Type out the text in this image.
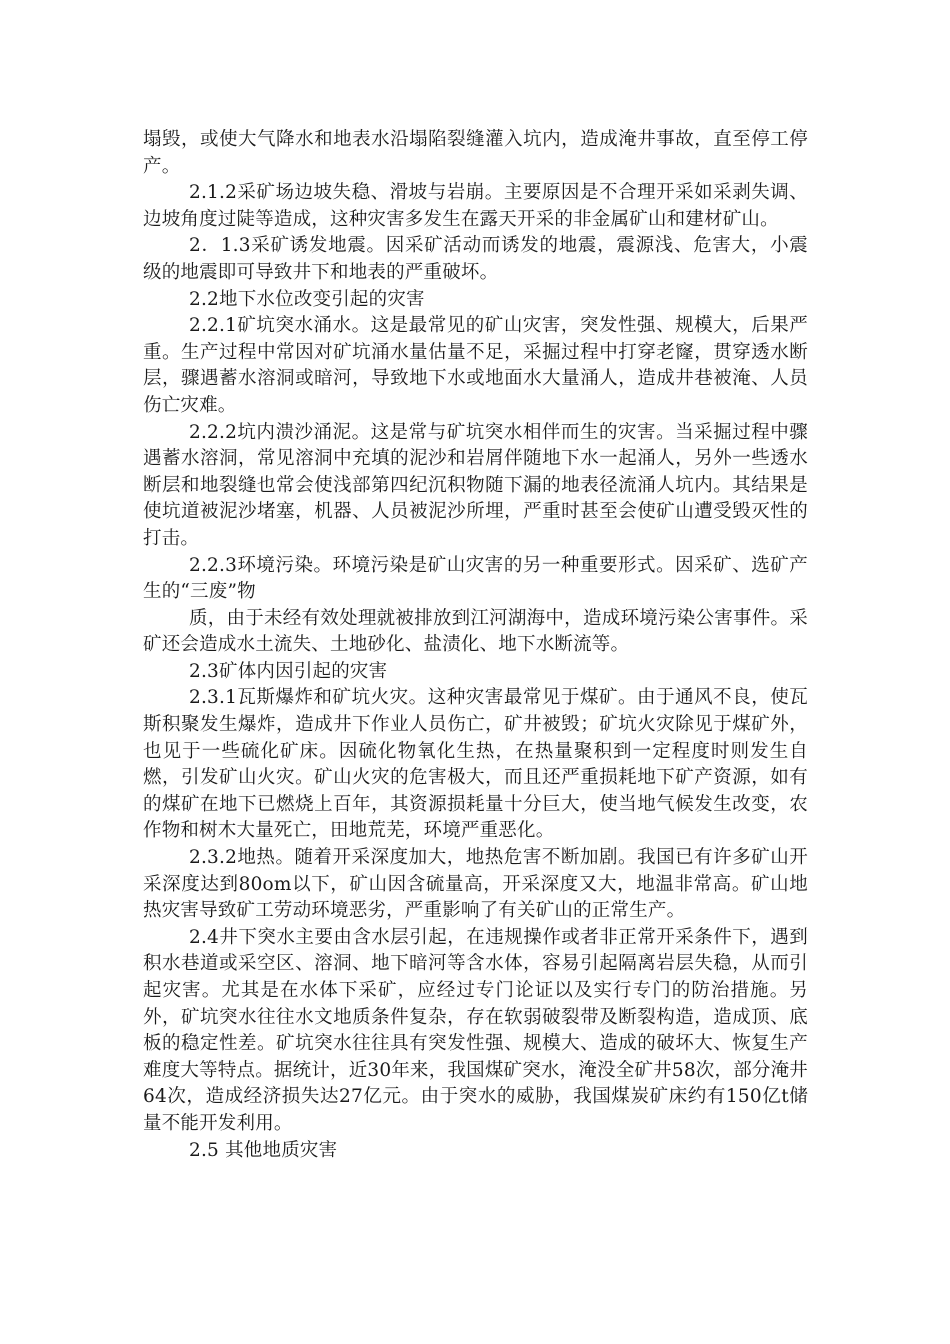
塌毁，或使大气降水和地表水沿塌陷裂缝灌入坑内，造成淹井事故，直至停工停产。

2.1.2采矿场边坡失稳、滑坡与岩崩。主要原因是不合理开采如采剥失调、边坡角度过陡等造成，这种灾害多发生在露天开采的非金属矿山和建材矿山。

2．1.3采矿诱发地震。因采矿活动而诱发的地震，震源浅、危害大，小震级的地震即可导致井下和地表的严重破坏。

2.2地下水位改变引起的灾害

2.2.1矿坑突水涌水。这是最常见的矿山灾害，突发性强、规模大，后果严重。生产过程中常因对矿坑涌水量估量不足，采掘过程中打穿老窿，贯穿透水断层，骤遇蓄水溶洞或暗河，导致地下水或地面水大量涌人，造成井巷被淹、人员伤亡灾难。

2.2.2坑内溃沙涌泥。这是常与矿坑突水相伴而生的灾害。当采掘过程中骤遇蓄水溶洞，常见溶洞中充填的泥沙和岩屑伴随地下水一起涌人，另外一些透水断层和地裂缝也常会使浅部第四纪沉积物随下漏的地表径流涌人坑内。其结果是使坑道被泥沙堵塞，机器、人员被泥沙所埋，严重时甚至会使矿山遭受毁灭性的打击。

2.2.3环境污染。环境污染是矿山灾害的另一种重要形式。因采矿、选矿产生的“三废”物

质，由于未经有效处理就被排放到江河湖海中，造成环境污染公害事件。采矿还会造成水土流失、土地砂化、盐渍化、地下水断流等。

2.3矿体内因引起的灾害

2.3.1瓦斯爆炸和矿坑火灾。这种灾害最常见于煤矿。由于通风不良，使瓦斯积聚发生爆炸，造成井下作业人员伤亡，矿井被毁；矿坑火灾除见于煤矿外，也见于一些硫化矿床。因硫化物氧化生热，在热量聚积到一定程度时则发生自燃，引发矿山火灾。矿山火灾的危害极大，而且还严重损耗地下矿产资源，如有的煤矿在地下已燃烧上百年，其资源损耗量十分巨大，使当地气候发生改变，农作物和树木大量死亡，田地荒芜，环境严重恶化。

2.3.2地热。随着开采深度加大，地热危害不断加剧。我国已有许多矿山开采深度达到80om以下，矿山因含硫量高，开采深度又大，地温非常高。矿山地热灾害导致矿工劳动环境恶劣，严重影响了有关矿山的正常生产。

2.4井下突水主要由含水层引起，在违规操作或者非正常开采条件下，遇到积水巷道或采空区、溶洞、地下暗河等含水体，容易引起隔离岩层失稳，从而引起灾害。尤其是在水体下采矿，应经过专门论证以及实行专门的防治措施。另外，矿坑突水往往水文地质条件复杂，存在软弱破裂带及断裂构造，造成顶、底板的稳定性差。矿坑突水往往具有突发性强、规模大、造成的破坏大、恢复生产难度大等特点。据统计，近30年来，我国煤矿突水，淹没全矿井58次，部分淹井64次，造成经济损失达27亿元。由于突水的威胁，我国煤炭矿床约有150亿t储量不能开发利用。

2.5 其他地质灾害
